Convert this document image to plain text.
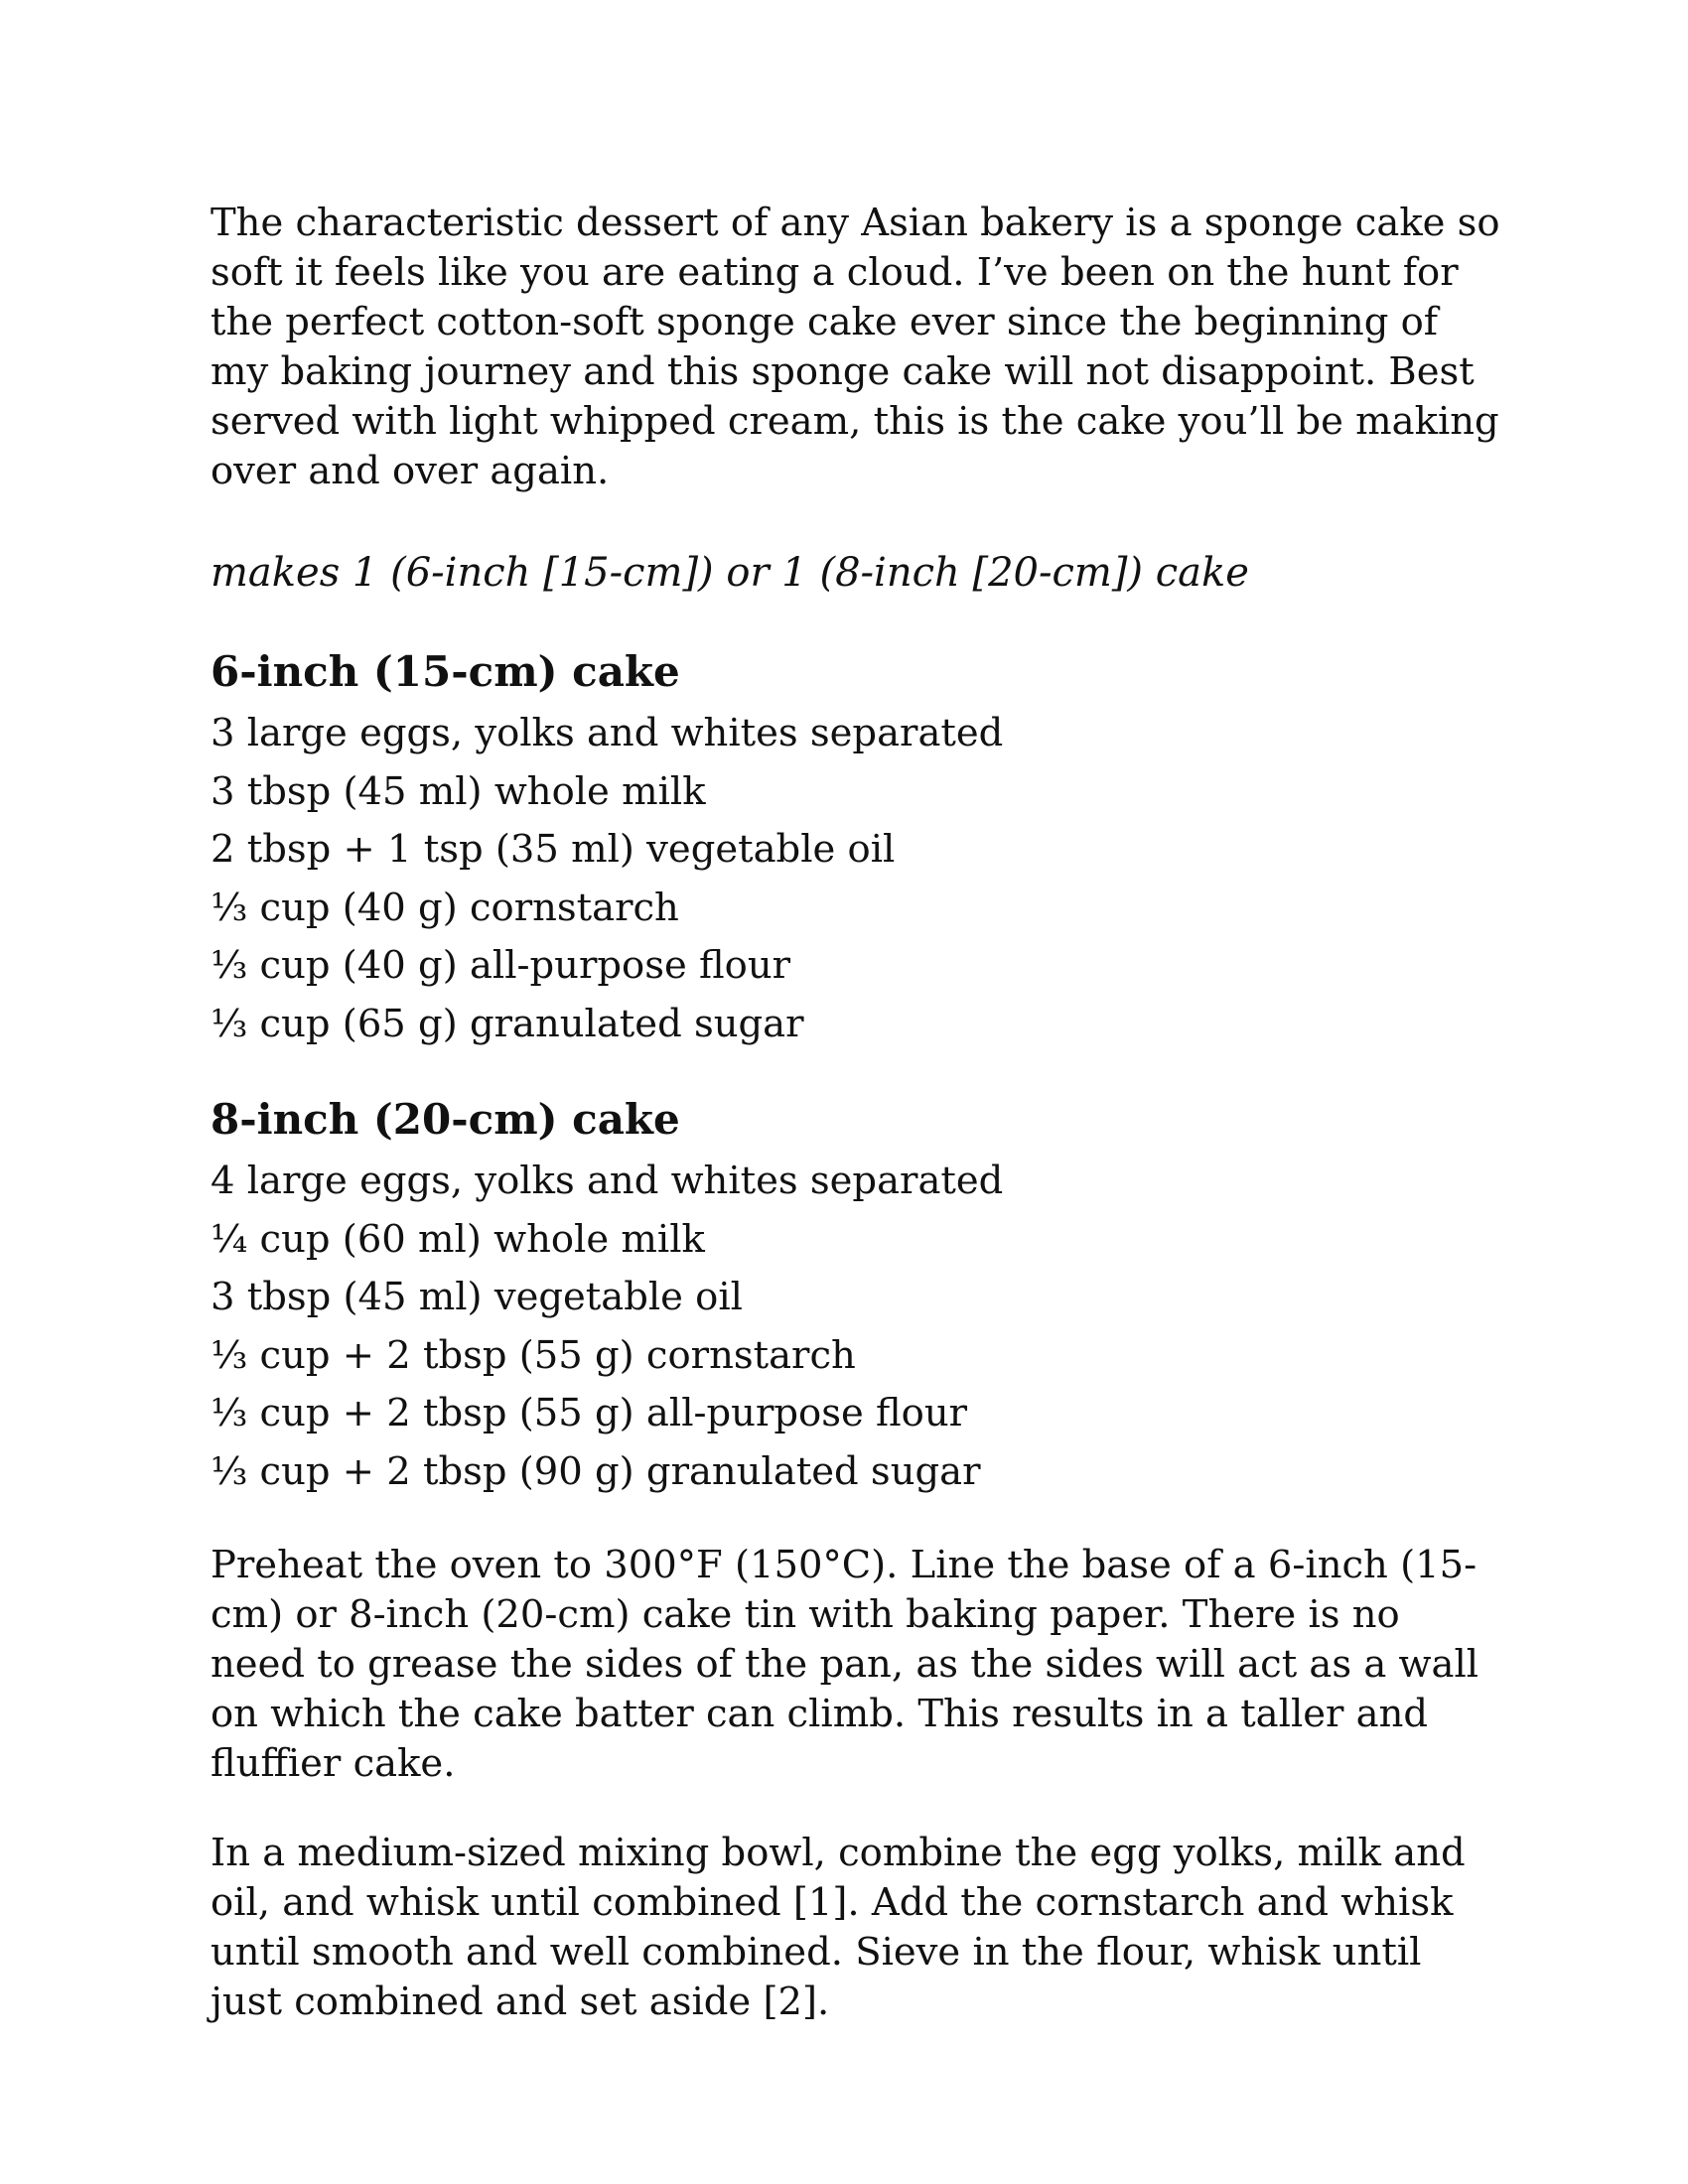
The characteristic dessert of any Asian bakery is a sponge cake so soft it feels like you are eating a cloud. I’ve been on the hunt for the perfect cotton-soft sponge cake ever since the beginning of my baking journey and this sponge cake will not disappoint. Best served with light whipped cream, this is the cake you’ll be making over and over again.

makes 1 (6-inch [15-cm]) or 1 (8-inch [20-cm]) cake

6-inch (15-cm) cake
3 large eggs, yolks and whites separated
3 tbsp (45 ml) whole milk
2 tbsp + 1 tsp (35 ml) vegetable oil
⅓ cup (40 g) cornstarch
⅓ cup (40 g) all-purpose flour
⅓ cup (65 g) granulated sugar
8-inch (20-cm) cake
4 large eggs, yolks and whites separated
¼ cup (60 ml) whole milk
3 tbsp (45 ml) vegetable oil
⅓ cup + 2 tbsp (55 g) cornstarch
⅓ cup + 2 tbsp (55 g) all-purpose flour
⅓ cup + 2 tbsp (90 g) granulated sugar

Preheat the oven to 300°F (150°C). Line the base of a 6-inch (15-cm) or 8-inch (20-cm) cake tin with baking paper. There is no need to grease the sides of the pan, as the sides will act as a wall on which the cake batter can climb. This results in a taller and fluffier cake.

In a medium-sized mixing bowl, combine the egg yolks, milk and oil, and whisk until combined [1]. Add the cornstarch and whisk until smooth and well combined. Sieve in the flour, whisk until just combined and set aside [2].
